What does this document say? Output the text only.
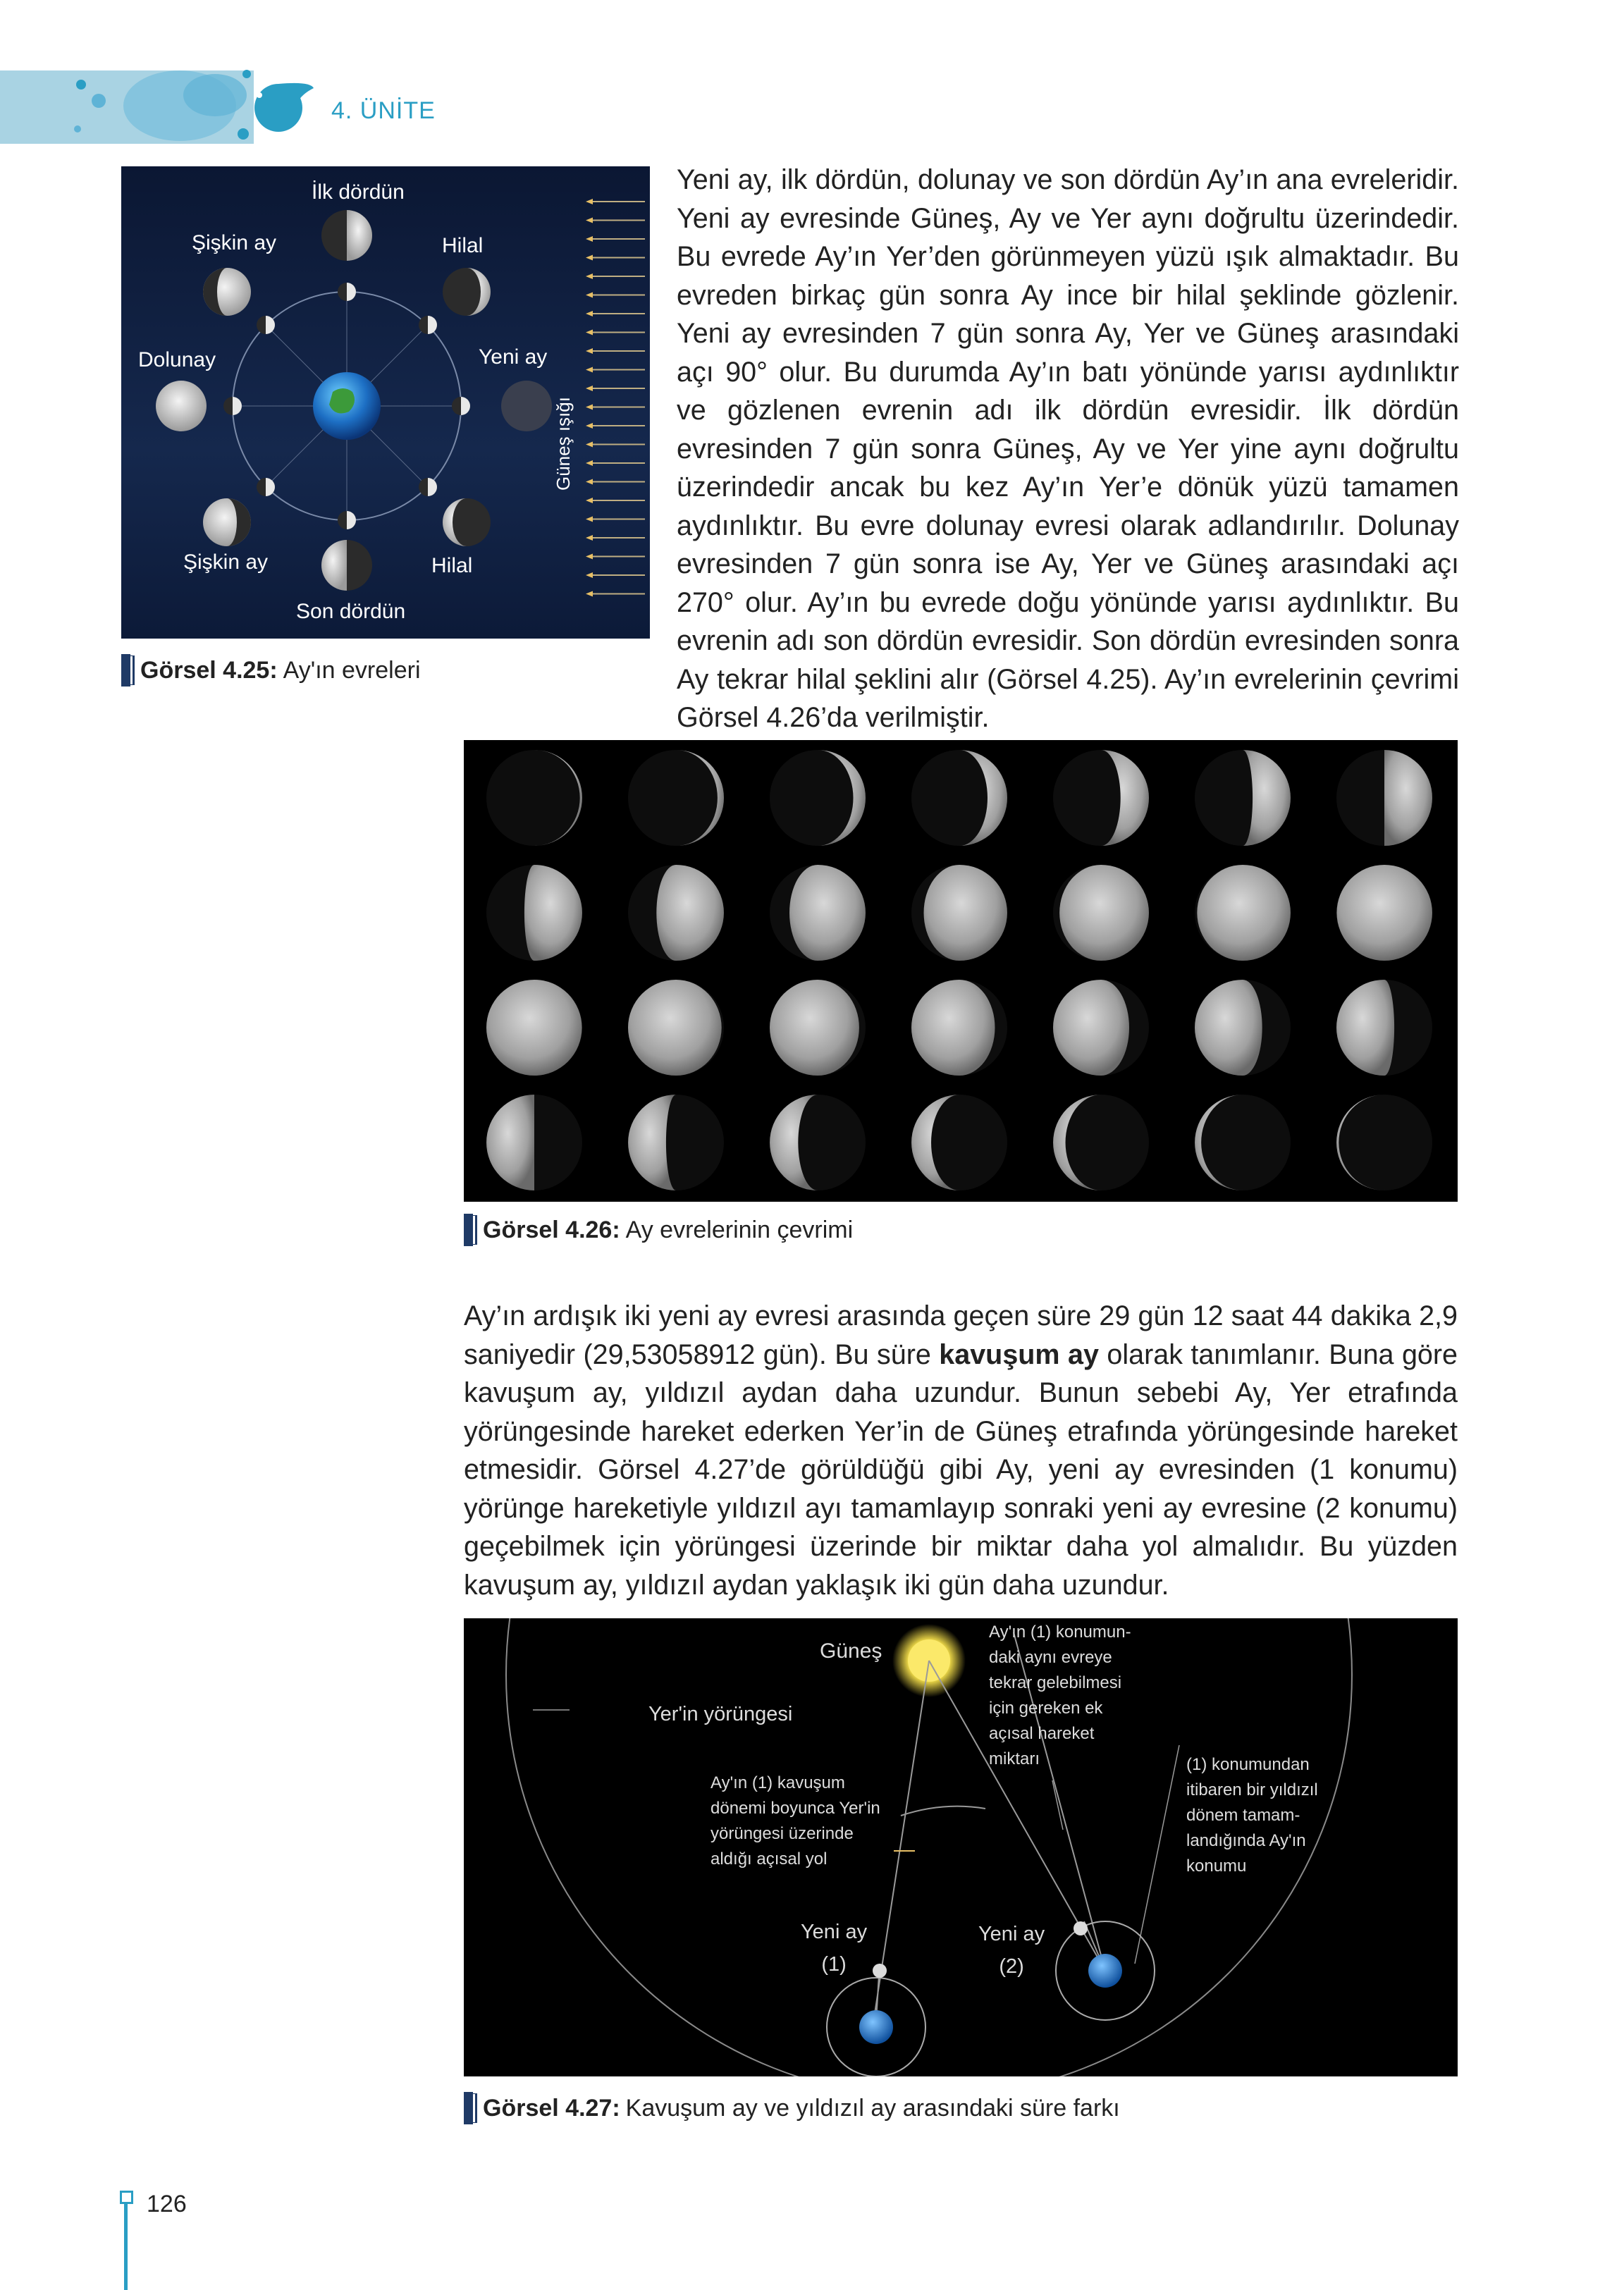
4. ÜNİTE
İlk dördün
Şişkin ay	Hilal
Dolunay	Yeni ay
Şişkin ay	Hilal
Son dördün
Güneş ışığı
Görsel 4.25: Ay'ın evreleri
Yeni ay, ilk dördün, dolunay ve son dördün Ay’ın ana evreleridir. Yeni ay evresinde Güneş, Ay ve Yer aynı doğrultu üzerindedir. Bu evrede Ay’ın Yer’den görünmeyen yüzü ışık almaktadır. Bu evreden birkaç gün sonra Ay ince bir hilal şeklinde gözlenir. Yeni ay evresinden 7 gün sonra Ay, Yer ve Güneş arasındaki açı 90° olur. Bu durumda Ay’ın batı yönünde yarısı aydınlıktır ve gözlenen evrenin adı ilk dördün evresidir. İlk dördün evresinden 7 gün sonra Güneş, Ay ve Yer yine aynı doğrultu üzerindedir ancak bu kez Ay’ın Yer’e dönük yüzü tamamen aydınlıktır. Bu evre dolunay evresi olarak adlandırılır. Dolunay evresinden 7 gün sonra ise Ay, Yer ve Güneş arasındaki açı 270° olur. Ay’ın bu evrede doğu yönünde yarısı aydınlıktır. Bu evrenin adı son dördün evresidir. Son dördün evresinden sonra Ay tekrar hilal şeklini alır (Görsel 4.25). Ay’ın evrelerinin çevrimi Görsel 4.26’da verilmiştir.
Görsel 4.26: Ay evrelerinin çevrimi
Ay’ın ardışık iki yeni ay evresi arasında geçen süre 29 gün 12 saat 44 dakika 2,9 saniyedir (29,53058912 gün). Bu süre kavuşum ay olarak tanımlanır. Buna göre kavuşum ay, yıldızıl aydan daha uzundur. Bunun sebebi Ay, Yer etrafında yörüngesinde hareket ederken Yer’in de Güneş etrafında yörüngesinde hareket etmesidir. Görsel 4.27’de görüldüğü gibi Ay, yeni ay evresinden (1 konumu) yörünge hareketiyle yıldızıl ayı tamamlayıp sonraki yeni ay evresine (2 konumu) geçebilmek için yörüngesi üzerinde bir miktar daha yol almalıdır. Bu yüzden kavuşum ay, yıldızıl aydan yaklaşık iki gün daha uzundur.
Güneş
Yer'in yörüngesi
Ay'ın (1) konumun-
daki aynı evreye
tekrar gelebilmesi
için gereken ek
açısal hareket
miktarı
Ay'ın (1) kavuşum
dönemi boyunca Yer'in
yörüngesi üzerinde
aldığı açısal yol
(1) konumundan
itibaren bir yıldızıl
dönem tamam-
landığında Ay'ın
konumu
Yeni ay
(1)
Yeni ay
(2)
Görsel 4.27: Kavuşum ay ve yıldızıl ay arasındaki süre farkı
126
